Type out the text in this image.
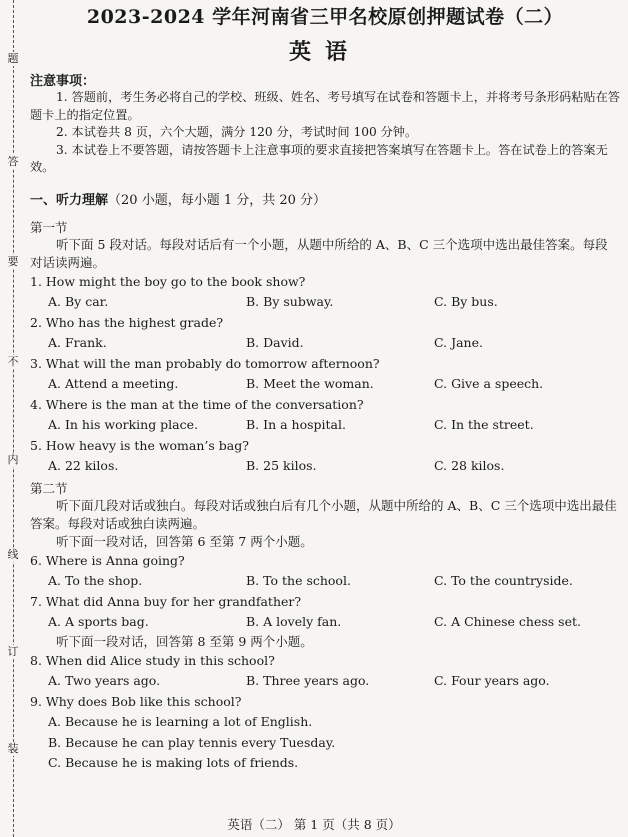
题
答
要
不
内
线
订
装
2023-2024 学年河南省三甲名校原创押题试卷（二）
英语
注意事项：
1. 答题前，考生务必将自己的学校、班级、姓名、考号填写在试卷和答题卡上，并将考号条形码粘贴在答题卡上的指定位置。
2. 本试卷共 8 页，六个大题，满分 120 分，考试时间 100 分钟。
3. 本试卷上不要答题，请按答题卡上注意事项的要求直接把答案填写在答题卡上。答在试卷上的答案无效。
一、听力理解（20 小题，每小题 1 分，共 20 分）
第一节
听下面 5 段对话。每段对话后有一个小题，从题中所给的 A、B、C 三个选项中选出最佳答案。每段对话读两遍。
1. How might the boy go to the book show?
A. By car.	B. By subway.	C. By bus.
2. Who has the highest grade?
A. Frank.	B. David.	C. Jane.
3. What will the man probably do tomorrow afternoon?
A. Attend a meeting.	B. Meet the woman.	C. Give a speech.
4. Where is the man at the time of the conversation?
A. In his working place.	B. In a hospital.	C. In the street.
5. How heavy is the woman’s bag?
A. 22 kilos.	B. 25 kilos.	C. 28 kilos.
第二节
听下面几段对话或独白。每段对话或独白后有几个小题，从题中所给的 A、B、C 三个选项中选出最佳答案。每段对话或独白读两遍。
听下面一段对话，回答第 6 至第 7 两个小题。
6. Where is Anna going?
A. To the shop.	B. To the school.	C. To the countryside.
7. What did Anna buy for her grandfather?
A. A sports bag.	B. A lovely fan.	C. A Chinese chess set.
听下面一段对话，回答第 8 至第 9 两个小题。
8. When did Alice study in this school?
A. Two years ago.	B. Three years ago.	C. Four years ago.
9. Why does Bob like this school?
A. Because he is learning a lot of English.
B. Because he can play tennis every Tuesday.
C. Because he is making lots of friends.
英语（二） 第 1 页（共 8 页）
